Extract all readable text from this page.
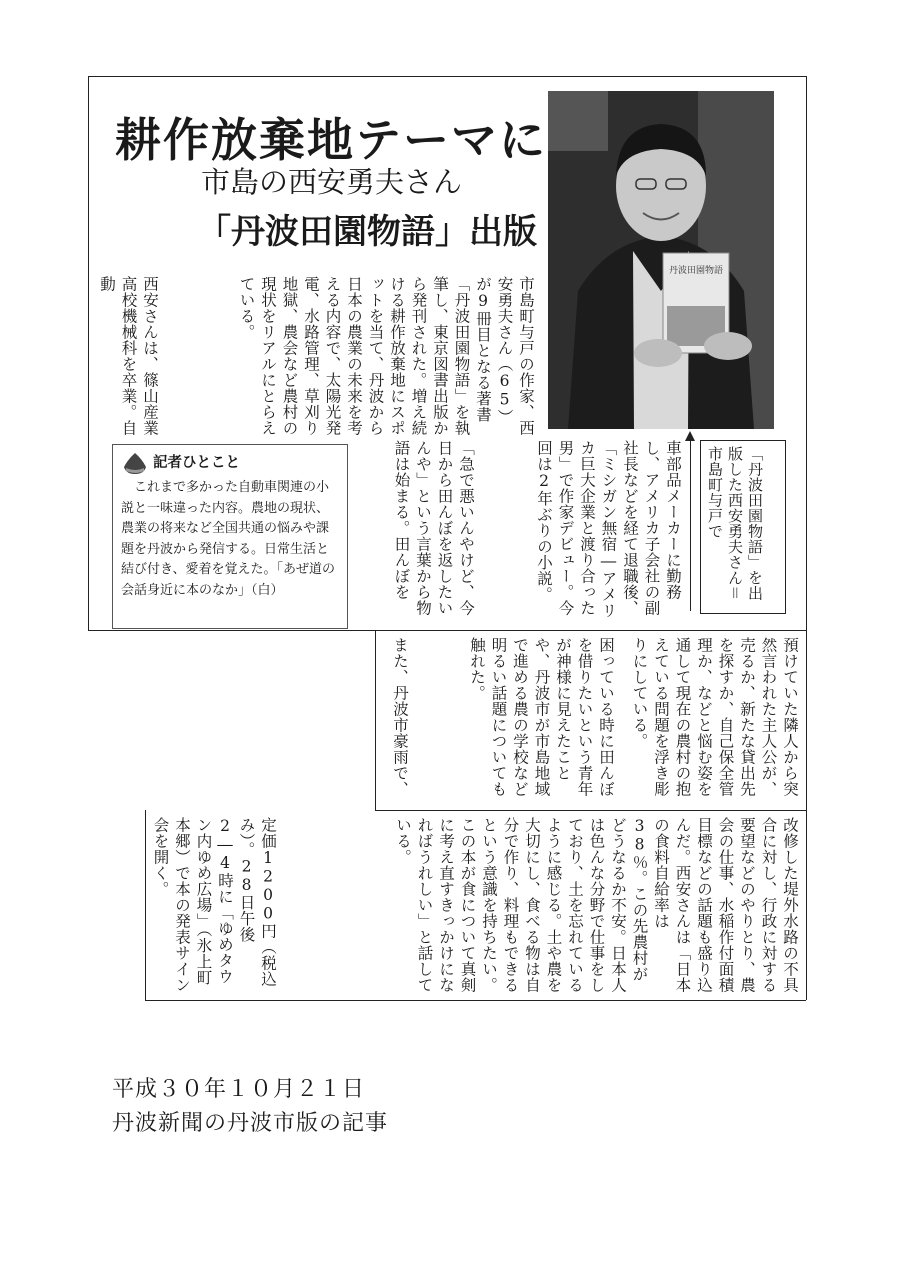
耕作放棄地テーマに
市島の西安勇夫さん
「丹波田園物語」出版
丹波田園物語

「丹波田園物語」を出版した西安勇夫さん＝市島町与戸で

市島町与戸の作家、西安勇夫さん（65）が9冊目となる著書「丹波田園物語」を執筆し、東京図書出版から発刊された。増え続ける耕作放棄地にスポットを当て、丹波から日本の農業の未来を考える内容で、太陽光発電、水路管理、草刈り地獄、農会など農村の現状をリアルにとらえている。

西安さんは、篠山産業高校機械科を卒業。自動

車部品メーカーに勤務し、アメリカ子会社の副社長などを経て退職後、「ミシガン無宿―アメリカ巨大企業と渡り合った男」で作家デビュー。今回は2年ぶりの小説。

「急で悪いんやけど、今日から田んぼを返したいんや」という言葉から物語は始まる。田んぼを

記者ひとこと
これまで多かった自動車関連の小説と一味違った内容。農地の現状、農業の将来など全国共通の悩みや課題を丹波から発信する。日常生活と結び付き、愛着を覚えた。「あぜ道の会話身近に本のなか」（白）

預けていた隣人から突然言われた主人公が、売るか、新たな貸出先を探すか、自己保全管理か、などと悩む姿を通して現在の農村の抱えている問題を浮き彫りにしている。

困っている時に田んぼを借りたいという青年が神様に見えたことや、丹波市が市島地域で進める農の学校など明るい話題についても触れた。

また、丹波市豪雨で、

改修した堤外水路の不具合に対し、行政に対する要望などのやりとり、農会の仕事、水稲作付面積目標などの話題も盛り込んだ。西安さんは「日本の食料自給率は38％。この先農村がどうなるか不安。日本人は色んな分野で仕事をしており、土を忘れているように感じる。土や農を大切にし、食べる物は自分で作り、料理もできるという意識を持ちたい。この本が食について真剣に考え直すきっかけになればうれしい」と話している。

定価1200円（税込み）。28日午後2―4時に「ゆめタウン内ゆめ広場」（氷上町本郷）で本の発表サイン会を開く。

平成３０年１０月２１日
丹波新聞の丹波市版の記事
